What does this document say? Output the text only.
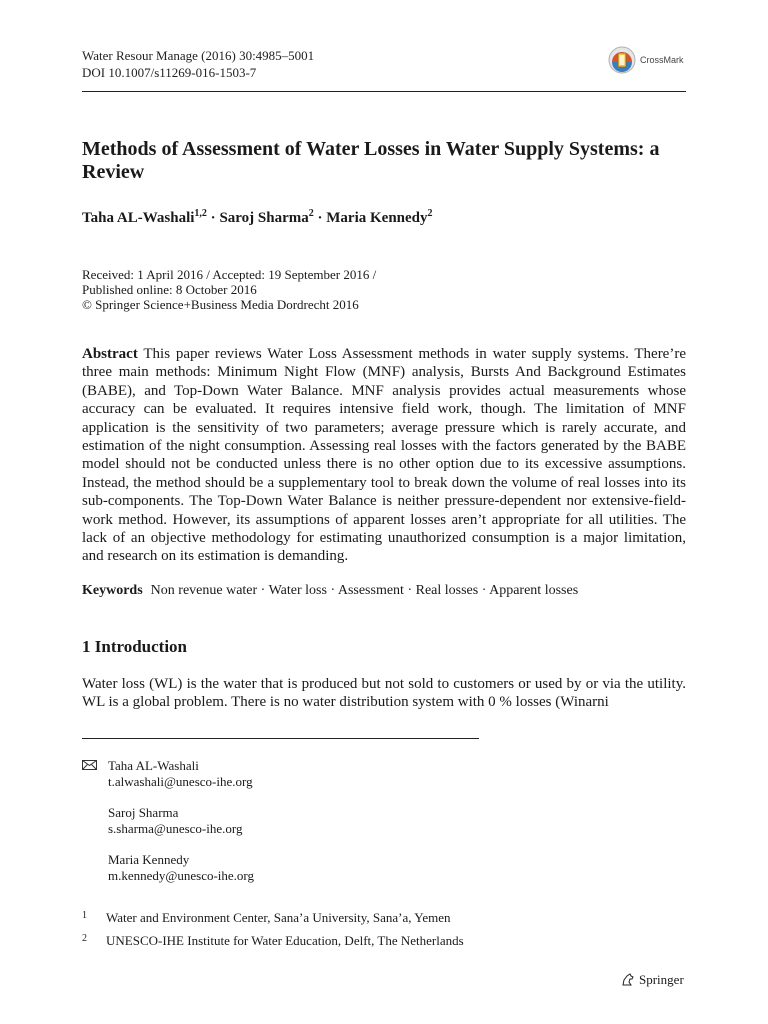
Water Resour Manage (2016) 30:4985–5001
DOI 10.1007/s11269-016-1503-7
CrossMark
Methods of Assessment of Water Losses in Water Supply Systems: a Review
Taha AL-Washali$^{1,2}$ · Saroj Sharma$^2$ · Maria Kennedy$^2$
Received: 1 April 2016 / Accepted: 19 September 2016 /
Published online: 8 October 2016
© Springer Science+Business Media Dordrecht 2016
Abstract This paper reviews Water Loss Assessment methods in water supply systems. There’re three main methods: Minimum Night Flow (MNF) analysis, Bursts And Background Estimates (BABE), and Top-Down Water Balance. MNF analysis provides actual measurements whose accuracy can be evaluated. It requires intensive field work, though. The limitation of MNF application is the sensitivity of two parameters; average pressure which is rarely accurate, and estimation of the night consumption. Assessing real losses with the factors generated by the BABE model should not be conducted unless there is no other option due to its excessive assumptions. Instead, the method should be a supplementary tool to break down the volume of real losses into its sub-components. The Top-Down Water Balance is neither pressure-dependent nor extensive-field-work method. However, its assumptions of apparent losses aren’t appropriate for all utilities. The lack of an objective methodology for estimating unauthorized consumption is a major limitation, and research on its estimation is demanding.
Keywords Non revenue water · Water loss · Assessment · Real losses · Apparent losses
1 Introduction
Water loss (WL) is the water that is produced but not sold to customers or used by or via the utility. WL is a global problem. There is no water distribution system with 0 % losses (Winarni
Taha AL-Washali
t.alwashali@unesco-ihe.org
Saroj Sharma
s.sharma@unesco-ihe.org
Maria Kennedy
m.kennedy@unesco-ihe.org
1 Water and Environment Center, Sana’a University, Sana’a, Yemen
2 UNESCO-IHE Institute for Water Education, Delft, The Netherlands
Springer
